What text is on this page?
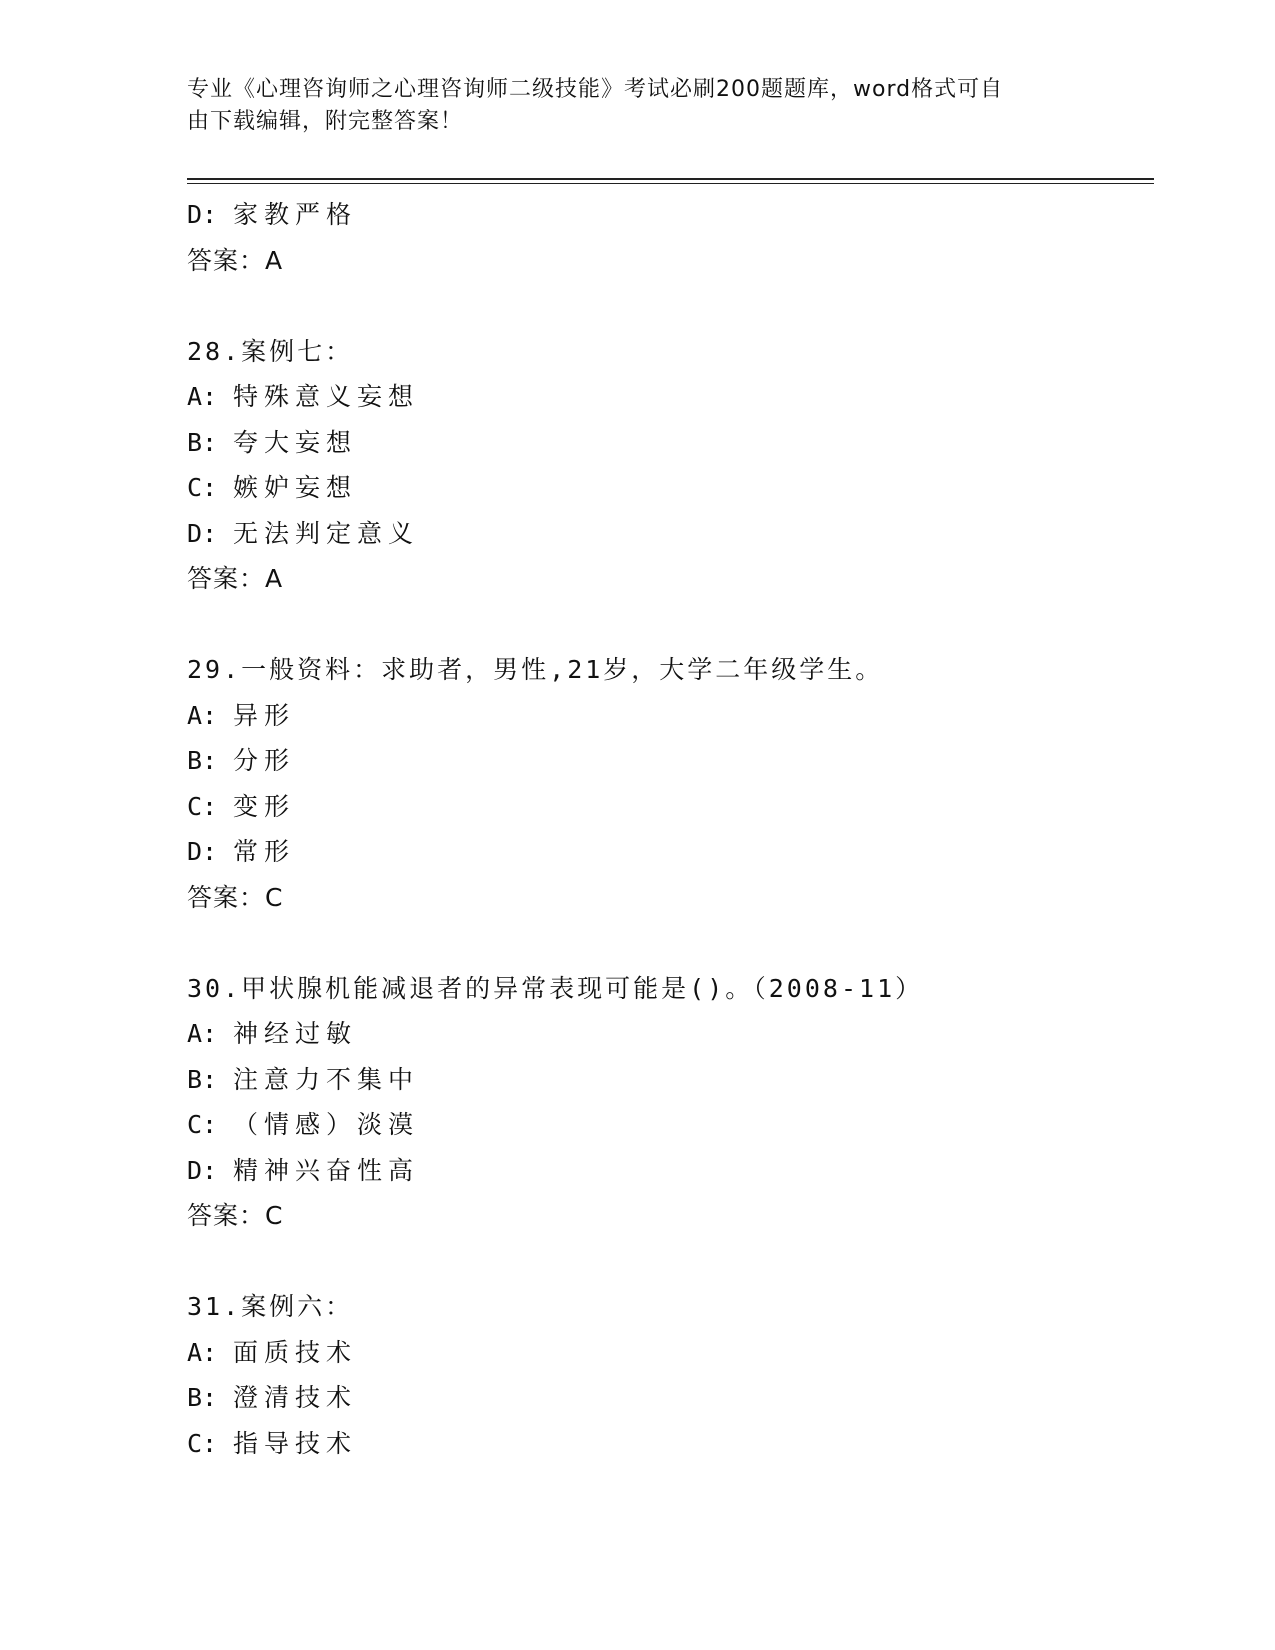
专业《心理咨询师之心理咨询师二级技能》考试必刷200题题库，word格式可自
由下载编辑，附完整答案！
D: 家教严格
答案：A
28.案例七：
A: 特殊意义妄想
B: 夸大妄想
C: 嫉妒妄想
D: 无法判定意义
答案：A
29.一般资料：求助者，男性,21岁，大学二年级学生。
A: 异形
B: 分形
C: 变形
D: 常形
答案：C
30.甲状腺机能减退者的异常表现可能是()。（2008-11）
A: 神经过敏
B: 注意力不集中
C: （情感）淡漠
D: 精神兴奋性高
答案：C
31.案例六：
A: 面质技术
B: 澄清技术
C: 指导技术
